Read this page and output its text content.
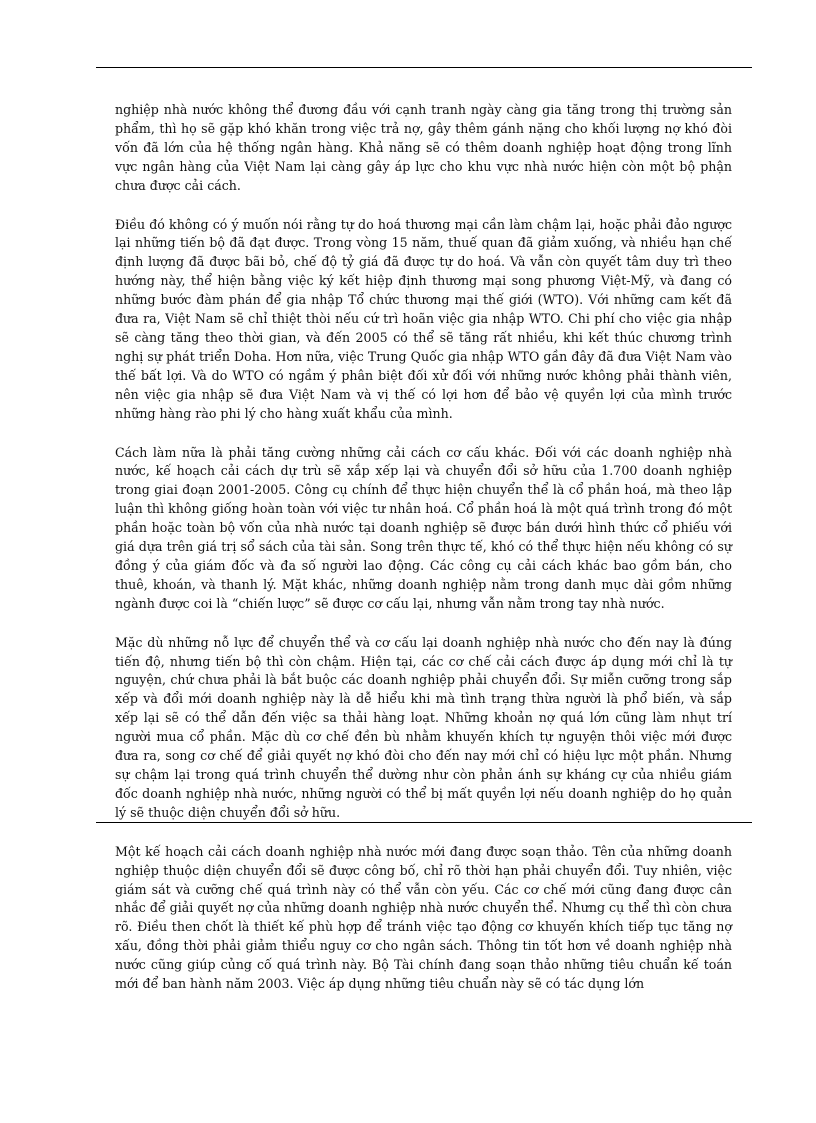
nghiệp nhà nước không thể đương đầu với cạnh tranh ngày càng gia tăng trong thị trường sản phẩm, thì họ sẽ gặp khó khăn trong việc trả nợ, gây thêm gánh nặng cho khối lượng nợ khó đòi vốn đã lớn của hệ thống ngân hàng. Khả năng sẽ có thêm doanh nghiệp hoạt động trong lĩnh vực ngân hàng của Việt Nam lại càng gây áp lực cho khu vực nhà nước hiện còn một bộ phận chưa được cải cách.

Điều đó không có ý muốn nói rằng tự do hoá thương mại cần làm chậm lại, hoặc phải đảo ngược lại những tiến bộ đã đạt được. Trong vòng 15 năm, thuế quan đã giảm xuống, và nhiều hạn chế định lượng đã được bãi bỏ, chế độ tỷ giá đã được tự do hoá. Và vẫn còn quyết tâm duy trì theo hướng này, thể hiện bằng việc ký kết hiệp định thương mại song phương Việt-Mỹ, và đang có những bước đàm phán để gia nhập Tổ chức thương mại thế giới (WTO). Với những cam kết đã đưa ra, Việt Nam sẽ chỉ thiệt thòi nếu cứ trì hoãn việc gia nhập WTO. Chi phí cho việc gia nhập sẽ càng tăng theo thời gian, và đến 2005 có thể sẽ tăng rất nhiều, khi kết thúc chương trình nghị sự phát triển Doha. Hơn nữa, việc Trung Quốc gia nhập WTO gần đây đã đưa Việt Nam vào thế bất lợi. Và do WTO có ngầm ý phân biệt đối xử đối với những nước không phải thành viên, nên việc gia nhập sẽ đưa Việt Nam và vị thế có lợi hơn để bảo vệ quyền lợi của mình trước những hàng rào phi lý cho hàng xuất khẩu của mình.

Cách làm nữa là phải tăng cường những cải cách cơ cấu khác. Đối với các doanh nghiệp nhà nước, kế hoạch cải cách dự trù sẽ xắp xếp lại và chuyển đổi sở hữu của 1.700 doanh nghiệp trong giai đoạn 2001-2005. Công cụ chính để thực hiện chuyển thể là cổ phần hoá, mà theo lập luận thì không giống hoàn toàn với việc tư nhân hoá. Cổ phần hoá là một quá trình trong đó một phần hoặc toàn bộ vốn của nhà nước tại doanh nghiệp sẽ được bán dưới hình thức cổ phiếu với giá dựa trên giá trị sổ sách của tài sản. Song trên thực tế, khó có thể thực hiện nếu không có sự đồng ý của giám đốc và đa số người lao động. Các công cụ cải cách khác bao gồm bán, cho thuê, khoán, và thanh lý. Mặt khác, những doanh nghiệp nằm trong danh mục dài gồm những ngành được coi là “chiến lược” sẽ được cơ cấu lại, nhưng vẫn nằm trong tay nhà nước.

Mặc dù những nỗ lực để chuyển thể và cơ cấu lại doanh nghiệp nhà nước cho đến nay là đúng tiến độ, nhưng tiến bộ thì còn chậm. Hiện tại, các cơ chế cải cách được áp dụng mới chỉ là tự nguyện, chứ chưa phải là bắt buộc các doanh nghiệp phải chuyển đổi. Sự miễn cưỡng trong sắp xếp và đổi mới doanh nghiệp này là dễ hiểu khi mà tình trạng thừa người là phổ biến, và sắp xếp lại sẽ có thể dẫn đến việc sa thải hàng loạt. Những khoản nợ quá lớn cũng làm nhụt trí người mua cổ phần. Mặc dù cơ chế đền bù nhằm khuyến khích tự nguyện thôi việc mới được đưa ra, song cơ chế để giải quyết nợ khó đòi cho đến nay mới chỉ có hiệu lực một phần. Nhưng sự chậm lại trong quá trình chuyển thể dường như còn phản ánh sự kháng cự của nhiều giám đốc doanh nghiệp nhà nước, những người có thể bị mất quyền lợi nếu doanh nghiệp do họ quản lý sẽ thuộc diện chuyển đổi sở hữu.

Một kế hoạch cải cách doanh nghiệp nhà nước mới đang được soạn thảo. Tên của những doanh nghiệp thuộc diện chuyển đổi sẽ được công bố, chỉ rõ thời hạn phải chuyển đổi. Tuy nhiên, việc giám sát và cưỡng chế quá trình này có thể vẫn còn yếu. Các cơ chế mới cũng đang được cân nhắc để giải quyết nợ của những doanh nghiệp nhà nước chuyển thể. Nhưng cụ thể thì còn chưa rõ. Điều then chốt là thiết kế phù hợp để tránh việc tạo động cơ khuyến khích tiếp tục tăng nợ xấu, đồng thời phải giảm thiểu nguy cơ cho ngân sách. Thông tin tốt hơn về doanh nghiệp nhà nước cũng giúp củng cố quá trình này. Bộ Tài chính đang soạn thảo những tiêu chuẩn kế toán mới để ban hành năm 2003. Việc áp dụng những tiêu chuẩn này sẽ có tác dụng lớn
